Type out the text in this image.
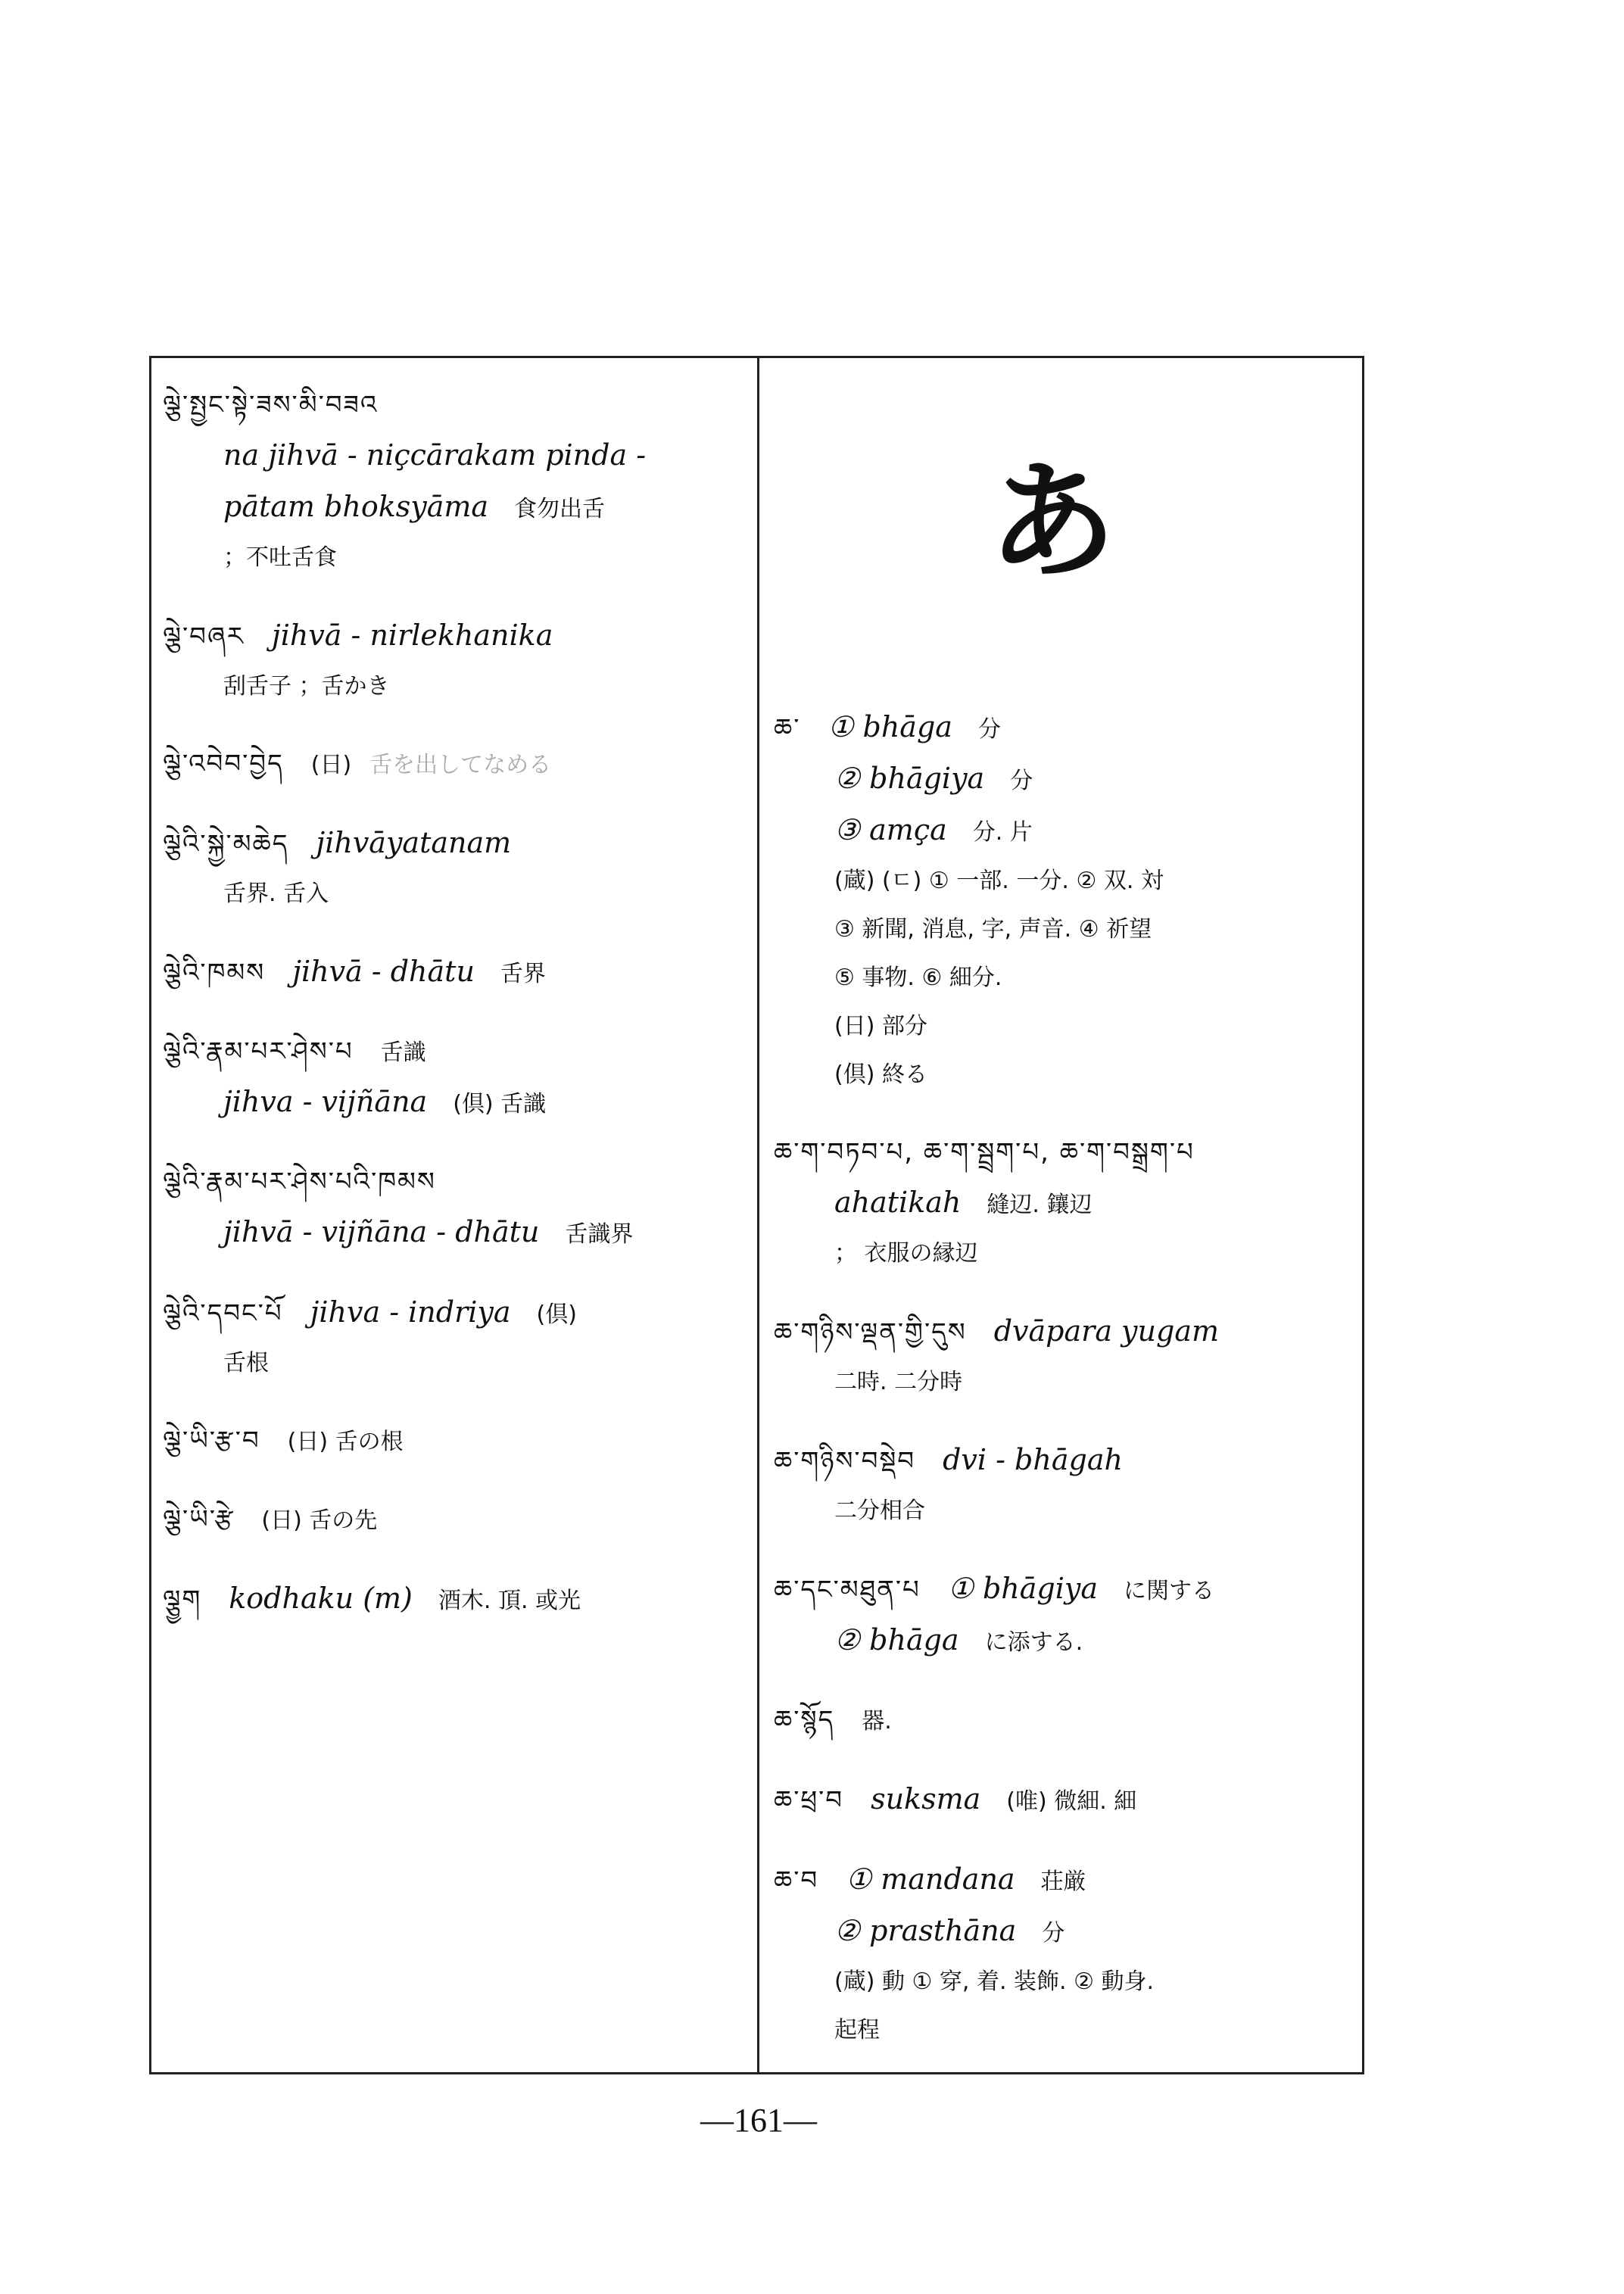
ལྕེ་སྤྱང་སྟེ་ཟས་མི་བཟའ
na jihvā - niçcārakam pinda -
pātam bhoksyāma 食勿出舌
；不吐舌食
ལྕེ་བཞར jihvā - nirlekhanika
刮舌子 ；舌かき
ལྕེ་འབེབ་བྱེད (日) 舌を出してなめる
ལྕེའི་སྐྱེ་མཆེད jihvāyatanam
舌界. 舌入
ལྕེའི་ཁམས jihvā - dhātu 舌界
ལྕེའི་རྣམ་པར་ཤེས་པ 舌識
jihva - vijñāna (倶) 舌識
ལྕེའི་རྣམ་པར་ཤེས་པའི་ཁམས
jihvā - vijñāna - dhātu 舌識界
ལྕེའི་དབང་པོ jihva - indriya (倶)
舌根
ལྕེ་ཡི་རྩ་བ (日) 舌の根
ལྕེ་ཡི་རྩེ (日) 舌の先
ལྕྱག kodhaku (m) 酒木. 頂. 或光
あ
ཆ་ ① bhāga 分
② bhāgiya 分
③ amça 分. 片
(蔵) (ㄷ) ① 一部. 一分. ② 双. 対
③ 新聞, 消息, 字, 声音. ④ 祈望
⑤ 事物. ⑥ 細分.
(日) 部分
(倶) 終る
ཆ་ག་བཏབ་པ, ཆ་ག་སྦྲག་པ, ཆ་ག་བསྒྲག་པ
ahatikah 縫辺. 鑲辺
； 衣服の縁辺
ཆ་གཉིས་ལྡན་གྱི་དུས dvāpara yugam
二時. 二分時
ཆ་གཉིས་བསྡེབ dvi - bhāgah
二分相合
ཆ་དང་མཐུན་པ ① bhāgiya に関する
② bhāga に添する.
ཆ་སྙོད 器.
ཆ་ཕྲ་བ suksma (唯) 微細. 細
ཆ་བ ① mandana 荘厳
② prasthāna 分
(蔵) 動 ① 穿, 着. 装飾. ② 動身.
起程
—161—
